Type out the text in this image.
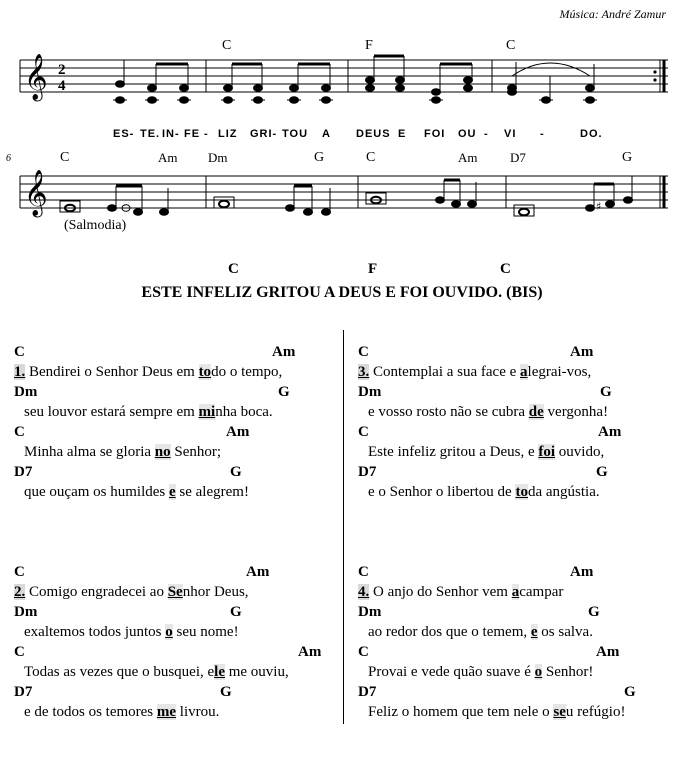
Música: André Zamur
𝄞 2
4
𝄞	♯
C	F	C
ES- TE. IN- FE - LIZ GRI- TOU A DEUS E FOI OU - VI -	DO.
6	C	Am Dm	G	C	Am	D7	G
(Salmodia)
C	F	C
ESTE INFELIZ GRITOU A DEUS E FOI OUVIDO. (BIS)
C	Am
1. Bendirei o Senhor Deus em todo o tempo,
Dm	G
seu louvor estará sempre em minha boca.
C	Am
Minha alma se gloria no Senhor;
D7	G
que ouçam os humildes e se alegrem!
C	Am
2. Comigo engradecei ao Senhor Deus,
Dm	G
exaltemos todos juntos o seu nome!
C	Am
Todas as vezes que o busquei, ele me ouviu,
D7	G
e de todos os temores me livrou.
C	Am
3. Contemplai a sua face e alegrai-vos,
Dm	G
e vosso rosto não se cubra de vergonha!
C	Am
Este infeliz gritou a Deus, e foi ouvido,
D7	G
e o Senhor o libertou de toda angústia.
C	Am
4. O anjo do Senhor vem acampar
Dm	G
ao redor dos que o temem, e os salva.
C	Am
Provai e vede quão suave é o Senhor!
D7	G
Feliz o homem que tem nele o seu refúgio!
